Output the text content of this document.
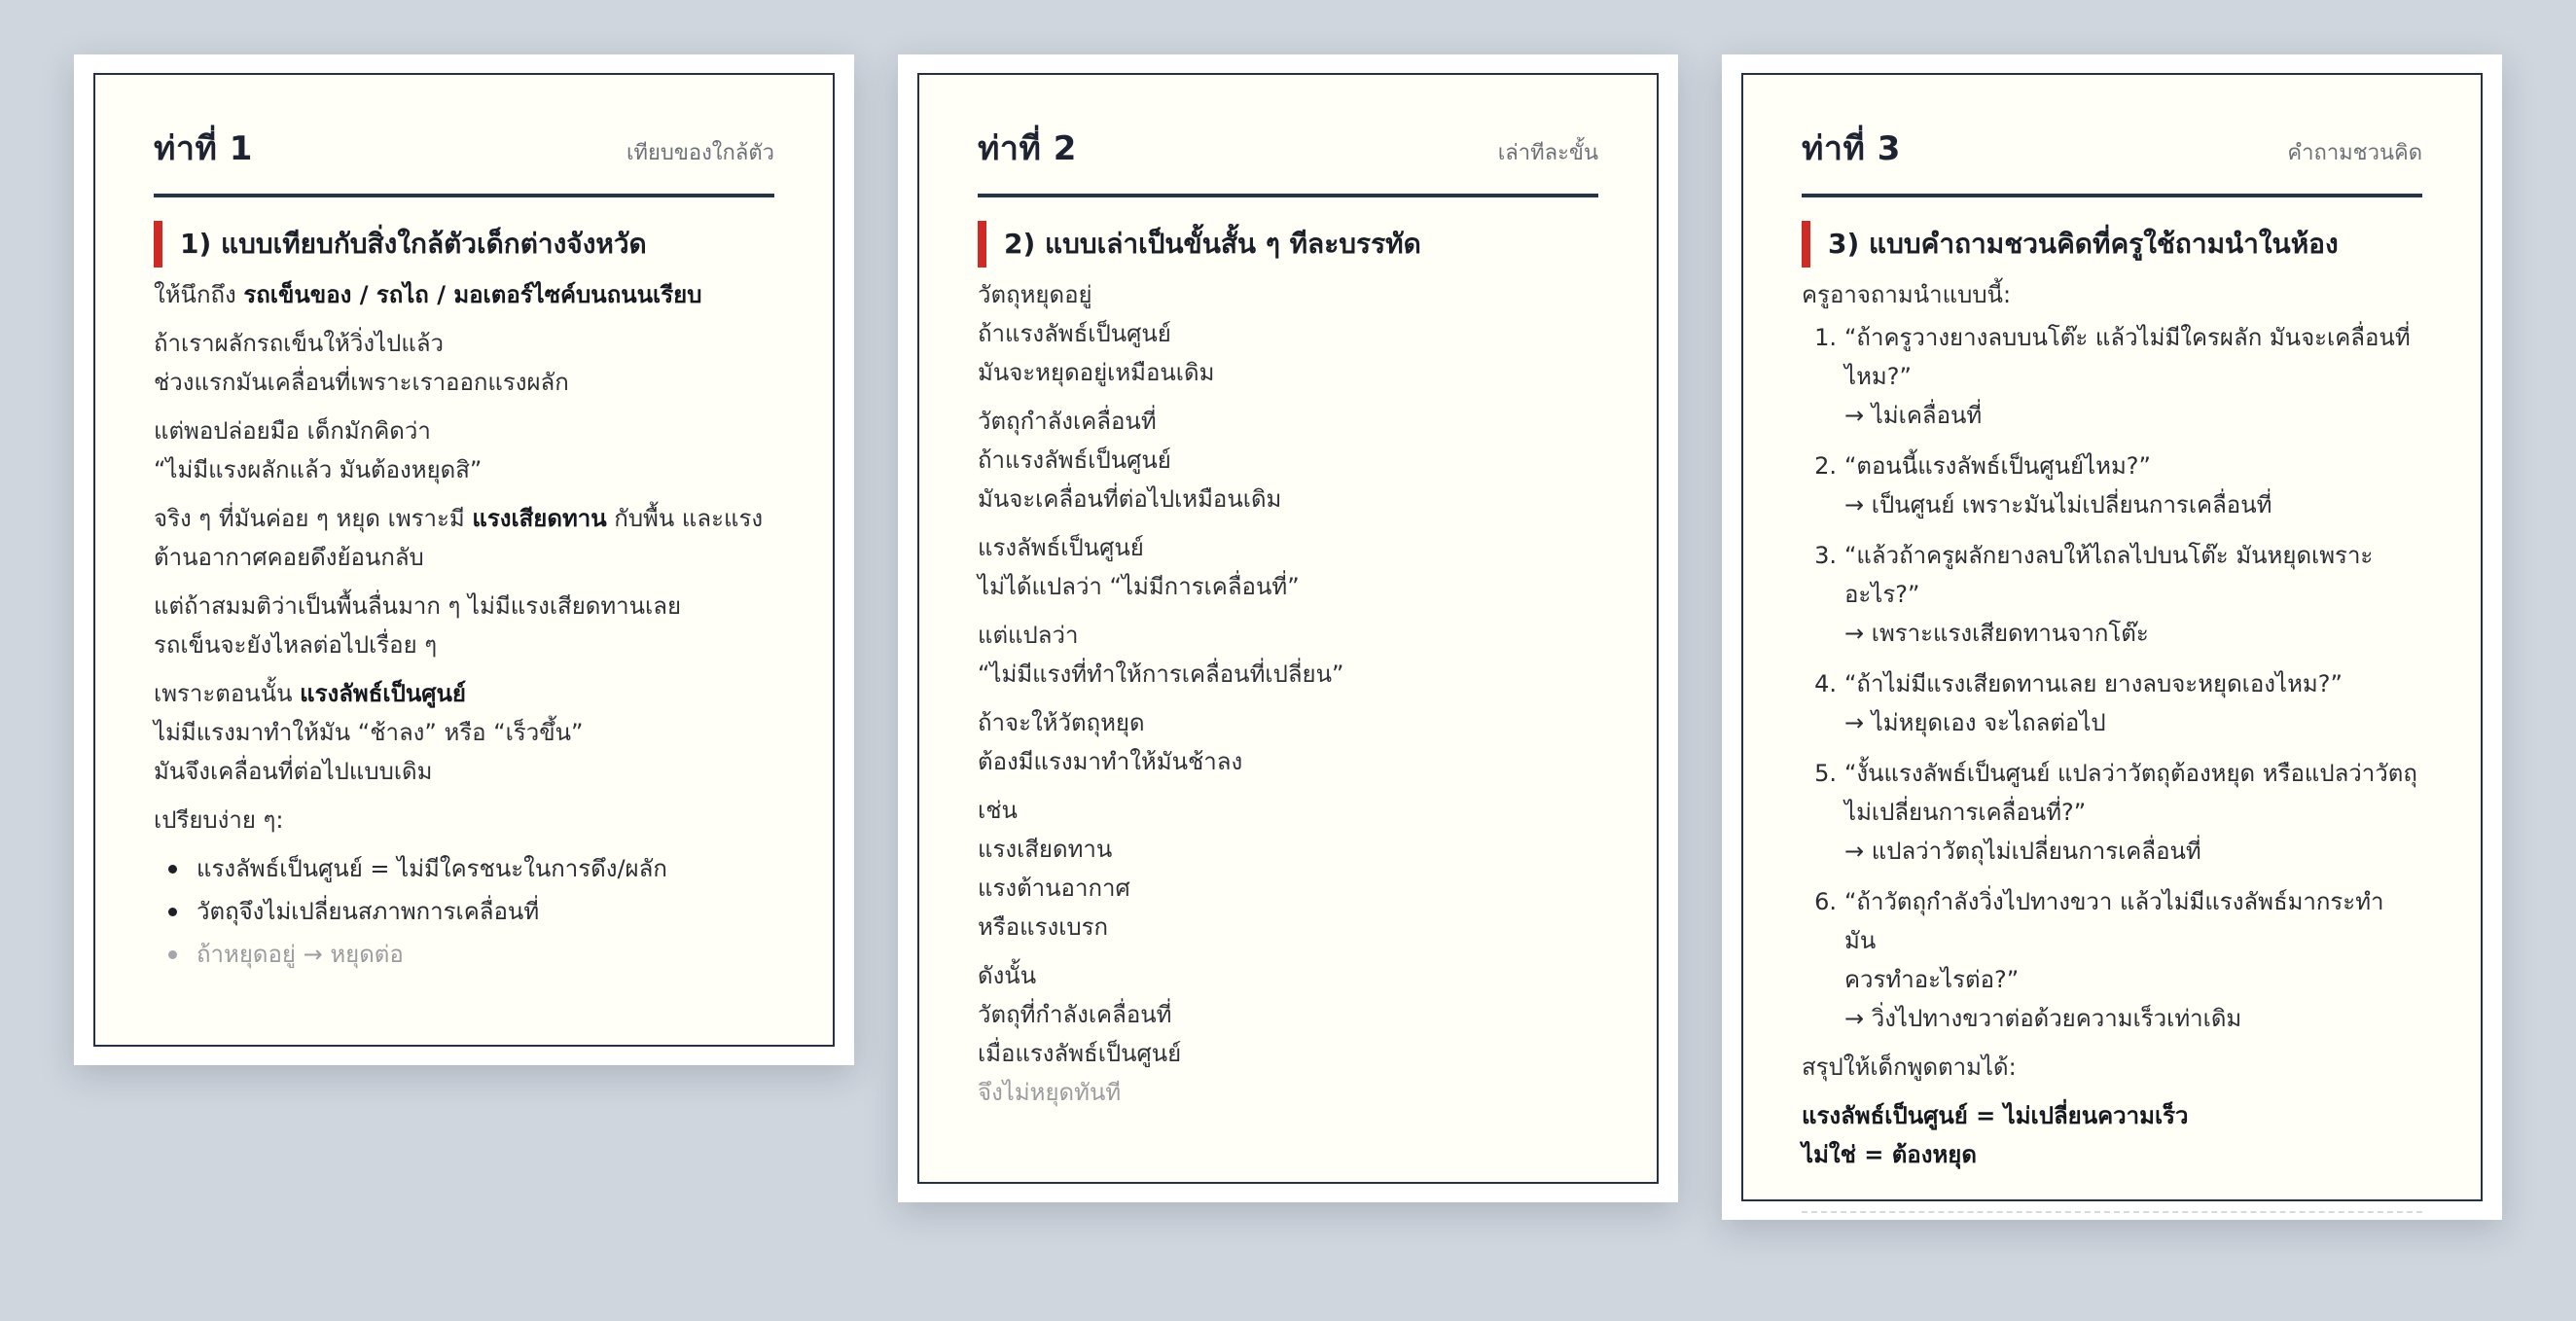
ท่าที่ 1	เทียบของใกล้ตัว
1) แบบเทียบกับสิ่งใกล้ตัวเด็กต่างจังหวัด
ให้นึกถึง รถเข็นของ / รถไถ / มอเตอร์ไซค์บนถนนเรียบ
ถ้าเราผลักรถเข็นให้วิ่งไปแล้ว
ช่วงแรกมันเคลื่อนที่เพราะเราออกแรงผลัก
แต่พอปล่อยมือ เด็กมักคิดว่า
“ไม่มีแรงผลักแล้ว มันต้องหยุดสิ”
จริง ๆ ที่มันค่อย ๆ หยุด เพราะมี แรงเสียดทาน กับพื้น และแรง
ต้านอากาศคอยดึงย้อนกลับ
แต่ถ้าสมมติว่าเป็นพื้นลื่นมาก ๆ ไม่มีแรงเสียดทานเลย
รถเข็นจะยังไหลต่อไปเรื่อย ๆ
เพราะตอนนั้น แรงลัพธ์เป็นศูนย์
ไม่มีแรงมาทำให้มัน “ช้าลง” หรือ “เร็วขึ้น”
มันจึงเคลื่อนที่ต่อไปแบบเดิม
เปรียบง่าย ๆ:
แรงลัพธ์เป็นศูนย์ = ไม่มีใครชนะในการดึง/ผลัก
วัตถุจึงไม่เปลี่ยนสภาพการเคลื่อนที่
ถ้าหยุดอยู่ → หยุดต่อ
ท่าที่ 2	เล่าทีละขั้น
2) แบบเล่าเป็นขั้นสั้น ๆ ทีละบรรทัด
วัตถุหยุดอยู่
ถ้าแรงลัพธ์เป็นศูนย์
มันจะหยุดอยู่เหมือนเดิม
วัตถุกำลังเคลื่อนที่
ถ้าแรงลัพธ์เป็นศูนย์
มันจะเคลื่อนที่ต่อไปเหมือนเดิม
แรงลัพธ์เป็นศูนย์
ไม่ได้แปลว่า “ไม่มีการเคลื่อนที่”
แต่แปลว่า
“ไม่มีแรงที่ทำให้การเคลื่อนที่เปลี่ยน”
ถ้าจะให้วัตถุหยุด
ต้องมีแรงมาทำให้มันช้าลง
เช่น
แรงเสียดทาน
แรงต้านอากาศ
หรือแรงเบรก
ดังนั้น
วัตถุที่กำลังเคลื่อนที่
เมื่อแรงลัพธ์เป็นศูนย์
จึงไม่หยุดทันที
ท่าที่ 3	คำถามชวนคิด
3) แบบคำถามชวนคิดที่ครูใช้ถามนำในห้อง
ครูอาจถามนำแบบนี้:
1. “ถ้าครูวางยางลบบนโต๊ะ แล้วไม่มีใครผลัก มันจะเคลื่อนที่
ไหม?”
→ ไม่เคลื่อนที่
2. “ตอนนี้แรงลัพธ์เป็นศูนย์ไหม?”
→ เป็นศูนย์ เพราะมันไม่เปลี่ยนการเคลื่อนที่
3. “แล้วถ้าครูผลักยางลบให้ไถลไปบนโต๊ะ มันหยุดเพราะอะไร?”
→ เพราะแรงเสียดทานจากโต๊ะ
4. “ถ้าไม่มีแรงเสียดทานเลย ยางลบจะหยุดเองไหม?”
→ ไม่หยุดเอง จะไถลต่อไป
5. “งั้นแรงลัพธ์เป็นศูนย์ แปลว่าวัตถุต้องหยุด หรือแปลว่าวัตถุ
ไม่เปลี่ยนการเคลื่อนที่?”
→ แปลว่าวัตถุไม่เปลี่ยนการเคลื่อนที่
6. “ถ้าวัตถุกำลังวิ่งไปทางขวา แล้วไม่มีแรงลัพธ์มากระทำ มัน
ควรทำอะไรต่อ?”
→ วิ่งไปทางขวาต่อด้วยความเร็วเท่าเดิม
สรุปให้เด็กพูดตามได้:
แรงลัพธ์เป็นศูนย์ = ไม่เปลี่ยนความเร็ว
ไม่ใช่ = ต้องหยุด
